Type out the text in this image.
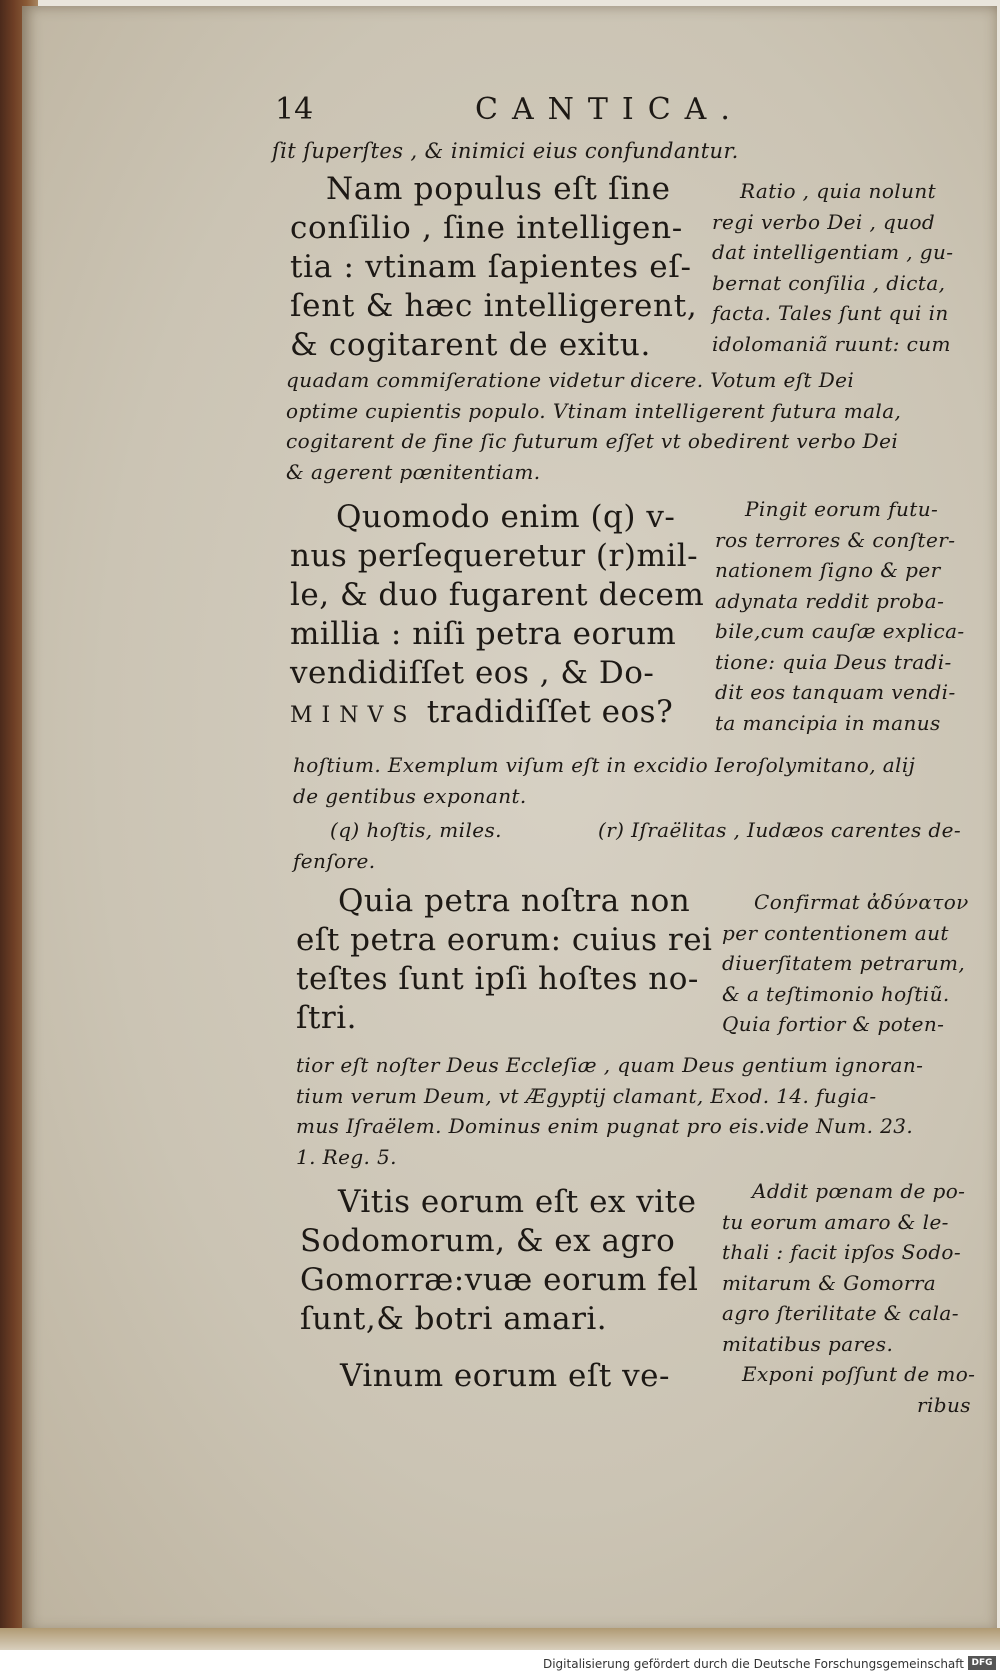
14	CANTICA.
ſit ſuperſtes , & inimici eius confundantur.
Nam populus eſt ſine
conſilio , ſine intelligen-
tia : vtinam ſapientes eſ-
ſent & hæc intelligerent,
& cogitarent de exitu.
Ratio , quia nolunt
regi verbo Dei , quod
dat intelligentiam , gu-
bernat conſilia , dicta,
facta. Tales ſunt qui in
idolomaniã ruunt: cum
quadam commiſeratione videtur dicere. Votum eſt Dei
optime cupientis populo. Vtinam intelligerent futura mala,
cogitarent de fine ſic futurum eſſet vt obedirent verbo Dei
& agerent pœnitentiam.
Quomodo enim (q) v-
nus perſequeretur (r)mil-
le, & duo fugarent decem
millia : niſi petra eorum
vendidiſſet eos , & Do-
MINVS tradidiſſet eos?
Pingit eorum futu-
ros terrores & conſter-
nationem ſigno & per
adynata reddit proba-
bile,cum cauſæ explica-
tione: quia Deus tradi-
dit eos tanquam vendi-
ta mancipia in manus
hoſtium. Exemplum viſum eſt in excidio Ieroſolymitano, alij
de gentibus exponant.
(q) hoſtis, miles.	(r) Iſraëlitas , Iudæos carentes de-
fenſore.
Quia petra noſtra non
eſt petra eorum: cuius rei
teſtes ſunt ipſi hoſtes no-
ſtri.
Confirmat ἀδύνατον
per contentionem aut
diuerſitatem petrarum,
& a teſtimonio hoſtiũ.
Quia fortior & poten-
tior eſt noſter Deus Eccleſiæ , quam Deus gentium ignoran-
tium verum Deum, vt Ægyptij clamant, Exod. 14. fugia-
mus Iſraëlem. Dominus enim pugnat pro eis.vide Num. 23.
1. Reg. 5.
Vitis eorum eſt ex vite
Sodomorum, & ex agro
Gomorræ:vuæ eorum fel
ſunt,& botri amari.
Vinum eorum eſt ve-
Addit pœnam de po-
tu eorum amaro & le-
thali : facit ipſos Sodo-
mitarum & Gomorra
agro ſterilitate & cala-
mitatibus pares.
Exponi poſſunt de mo-
ribus
Digitalisierung gefördert durch die Deutsche Forschungsgemeinschaft DFG
